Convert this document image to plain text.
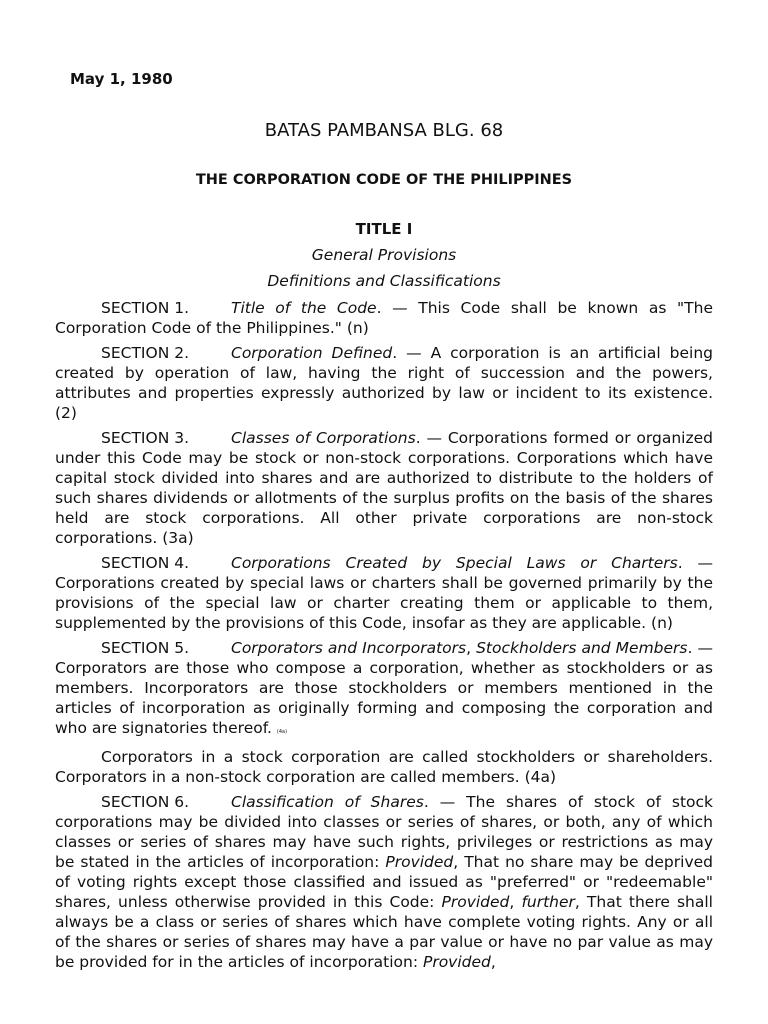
May 1, 1980
BATAS PAMBANSA BLG. 68
THE CORPORATION CODE OF THE PHILIPPINES
TITLE I
General Provisions
Definitions and Classifications

SECTION 1.	Title of the Code. — This Code shall be known as "The Corporation Code of the Philippines." (n)

SECTION 2.	Corporation Defined. — A corporation is an artificial being created by operation of law, having the right of succession and the powers, attributes and properties expressly authorized by law or incident to its existence. (2)

SECTION 3.	Classes of Corporations. — Corporations formed or organized under this Code may be stock or non-stock corporations. Corporations which have capital stock divided into shares and are authorized to distribute to the holders of such shares dividends or allotments of the surplus profits on the basis of the shares held are stock corporations. All other private corporations are non-stock corporations. (3a)

SECTION 4.	Corporations Created by Special Laws or Charters. — Corporations created by special laws or charters shall be governed primarily by the provisions of the special law or charter creating them or applicable to them, supplemented by the provisions of this Code, insofar as they are applicable. (n)

SECTION 5.	Corporators and Incorporators, Stockholders and Members. — Corporators are those who compose a corporation, whether as stockholders or as members. Incorporators are those stockholders or members mentioned in the articles of incorporation as originally forming and composing the corporation and who are signatories thereof. (4a)

Corporators in a stock corporation are called stockholders or shareholders. Corporators in a non-stock corporation are called members. (4a)

SECTION 6.	Classification of Shares. — The shares of stock of stock corporations may be divided into classes or series of shares, or both, any of which classes or series of shares may have such rights, privileges or restrictions as may be stated in the articles of incorporation: Provided, That no share may be deprived of voting rights except those classified and issued as "preferred" or "redeemable" shares, unless otherwise provided in this Code: Provided, further, That there shall always be a class or series of shares which have complete voting rights. Any or all of the shares or series of shares may have a par value or have no par value as may be provided for in the articles of incorporation: Provided,
